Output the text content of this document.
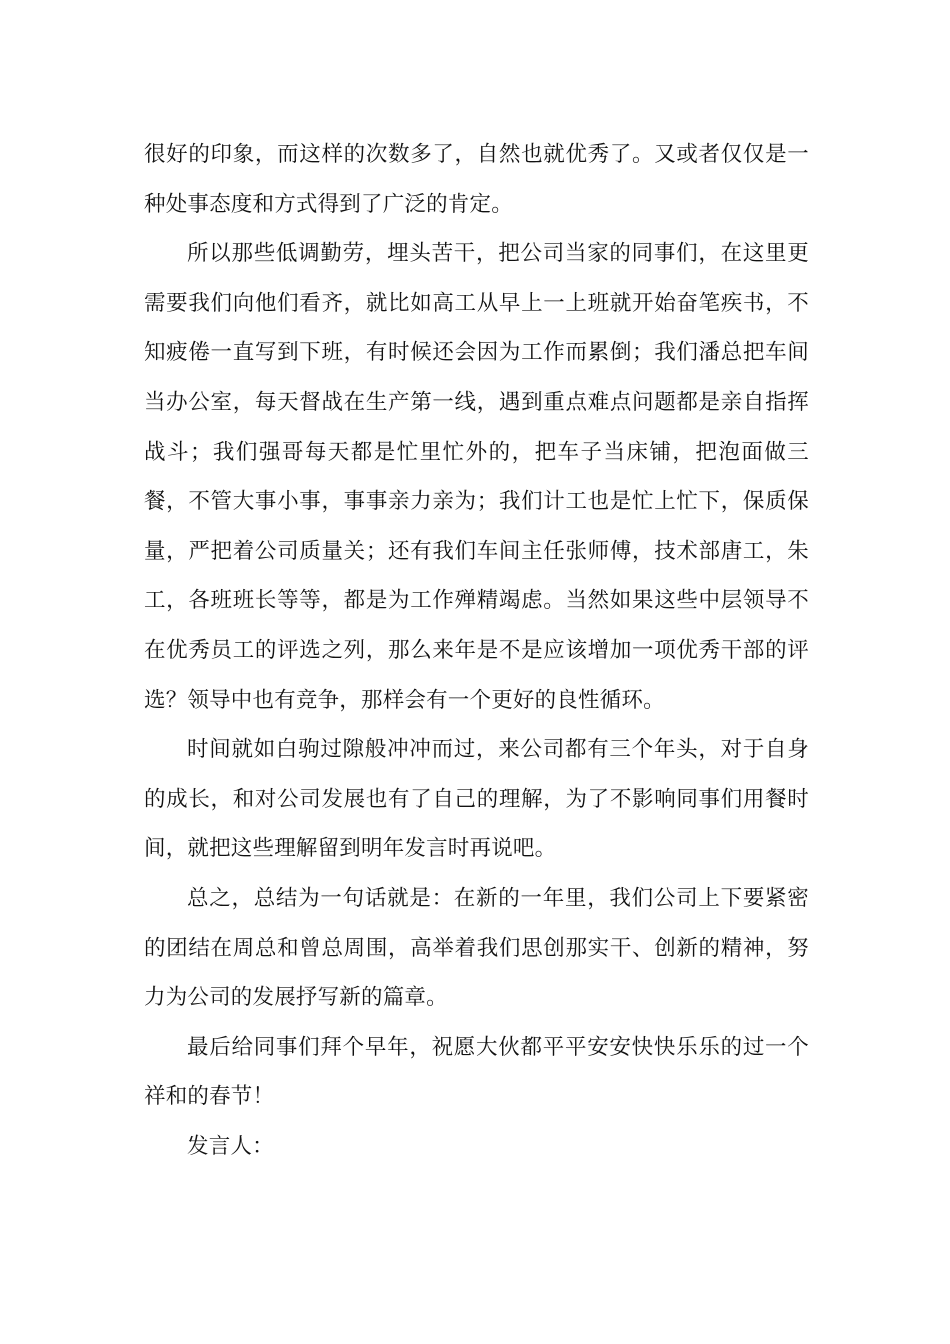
很好的印象，而这样的次数多了，自然也就优秀了。又或者仅仅是一种处事态度和方式得到了广泛的肯定。

所以那些低调勤劳，埋头苦干，把公司当家的同事们，在这里更需要我们向他们看齐，就比如高工从早上一上班就开始奋笔疾书，不知疲倦一直写到下班，有时候还会因为工作而累倒；我们潘总把车间当办公室，每天督战在生产第一线，遇到重点难点问题都是亲自指挥战斗；我们强哥每天都是忙里忙外的，把车子当床铺，把泡面做三餐，不管大事小事，事事亲力亲为；我们计工也是忙上忙下，保质保量，严把着公司质量关；还有我们车间主任张师傅，技术部唐工，朱工，各班班长等等，都是为工作殚精竭虑。当然如果这些中层领导不在优秀员工的评选之列，那么来年是不是应该增加一项优秀干部的评选？领导中也有竞争，那样会有一个更好的良性循环。

时间就如白驹过隙般冲冲而过，来公司都有三个年头，对于自身的成长，和对公司发展也有了自己的理解，为了不影响同事们用餐时间，就把这些理解留到明年发言时再说吧。

总之，总结为一句话就是：在新的一年里，我们公司上下要紧密的团结在周总和曾总周围，高举着我们思创那实干、创新的精神，努力为公司的发展抒写新的篇章。

最后给同事们拜个早年，祝愿大伙都平平安安快快乐乐的过一个祥和的春节！

发言人：
